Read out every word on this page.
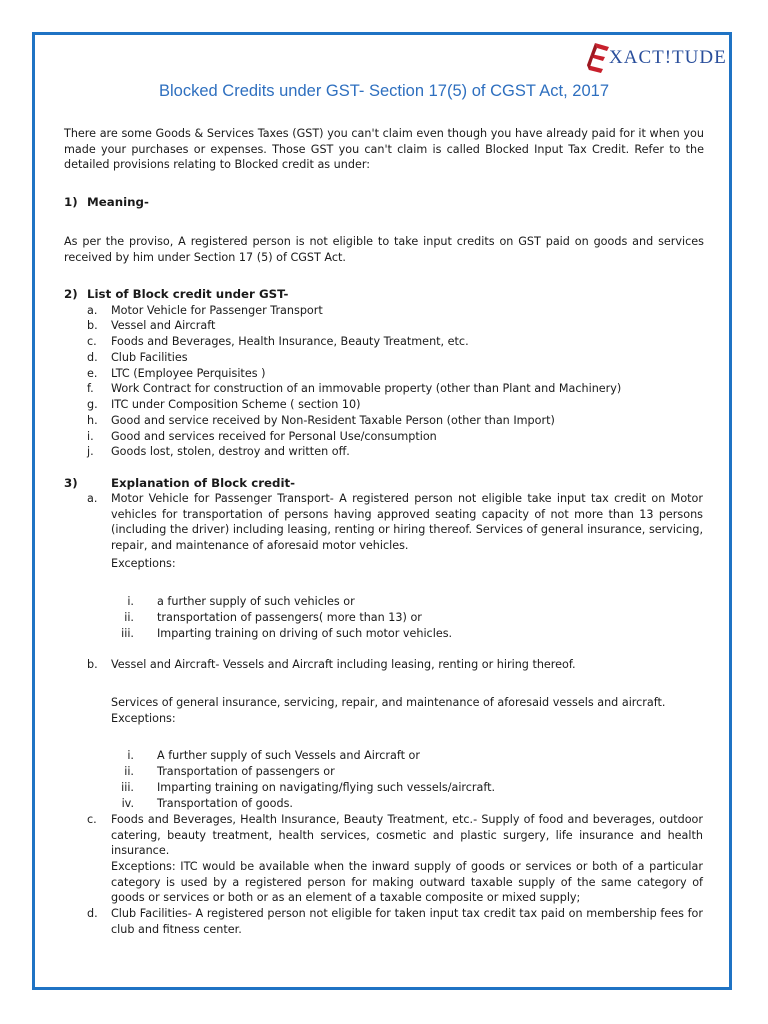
XACT!TUDE
Blocked Credits under GST- Section 17(5) of CGST Act, 2017
There are some Goods & Services Taxes (GST) you can't claim even though you have already paid for it when you made your purchases or expenses. Those GST you can't claim is called Blocked Input Tax Credit. Refer to the detailed provisions relating to Blocked credit as under:
1) Meaning-
As per the proviso, A registered person is not eligible to take input credits on GST paid on goods and services received by him under Section 17 (5) of CGST Act.
2) List of Block credit under GST-
a. Motor Vehicle for Passenger Transport
b. Vessel and Aircraft
c. Foods and Beverages, Health Insurance, Beauty Treatment, etc.
d. Club Facilities
e. LTC (Employee Perquisites )
f. Work Contract for construction of an immovable property (other than Plant and Machinery)
g. ITC under Composition Scheme ( section 10)
h. Good and service received by Non-Resident Taxable Person (other than Import)
i. Good and services received for Personal Use/consumption
j. Goods lost, stolen, destroy and written off.
3)	Explanation of Block credit-
a. Motor Vehicle for Passenger Transport- A registered person not eligible take input tax credit on Motor vehicles for transportation of persons having approved seating capacity of not more than 13 persons (including the driver) including leasing, renting or hiring thereof. Services of general insurance, servicing, repair, and maintenance of aforesaid motor vehicles.
Exceptions:
i. a further supply of such vehicles or
ii. transportation of passengers( more than 13) or
iii. Imparting training on driving of such motor vehicles.
b. Vessel and Aircraft- Vessels and Aircraft including leasing, renting or hiring thereof.
Services of general insurance, servicing, repair, and maintenance of aforesaid vessels and aircraft.
Exceptions:
i. A further supply of such Vessels and Aircraft or
ii. Transportation of passengers or
iii. Imparting training on navigating/flying such vessels/aircraft.
iv. Transportation of goods.
c. Foods and Beverages, Health Insurance, Beauty Treatment, etc.- Supply of food and beverages, outdoor catering, beauty treatment, health services, cosmetic and plastic surgery, life insurance and health insurance.
Exceptions: ITC would be available when the inward supply of goods or services or both of a particular category is used by a registered person for making outward taxable supply of the same category of goods or services or both or as an element of a taxable composite or mixed supply;
d. Club Facilities- A registered person not eligible for taken input tax credit tax paid on membership fees for club and fitness center.
